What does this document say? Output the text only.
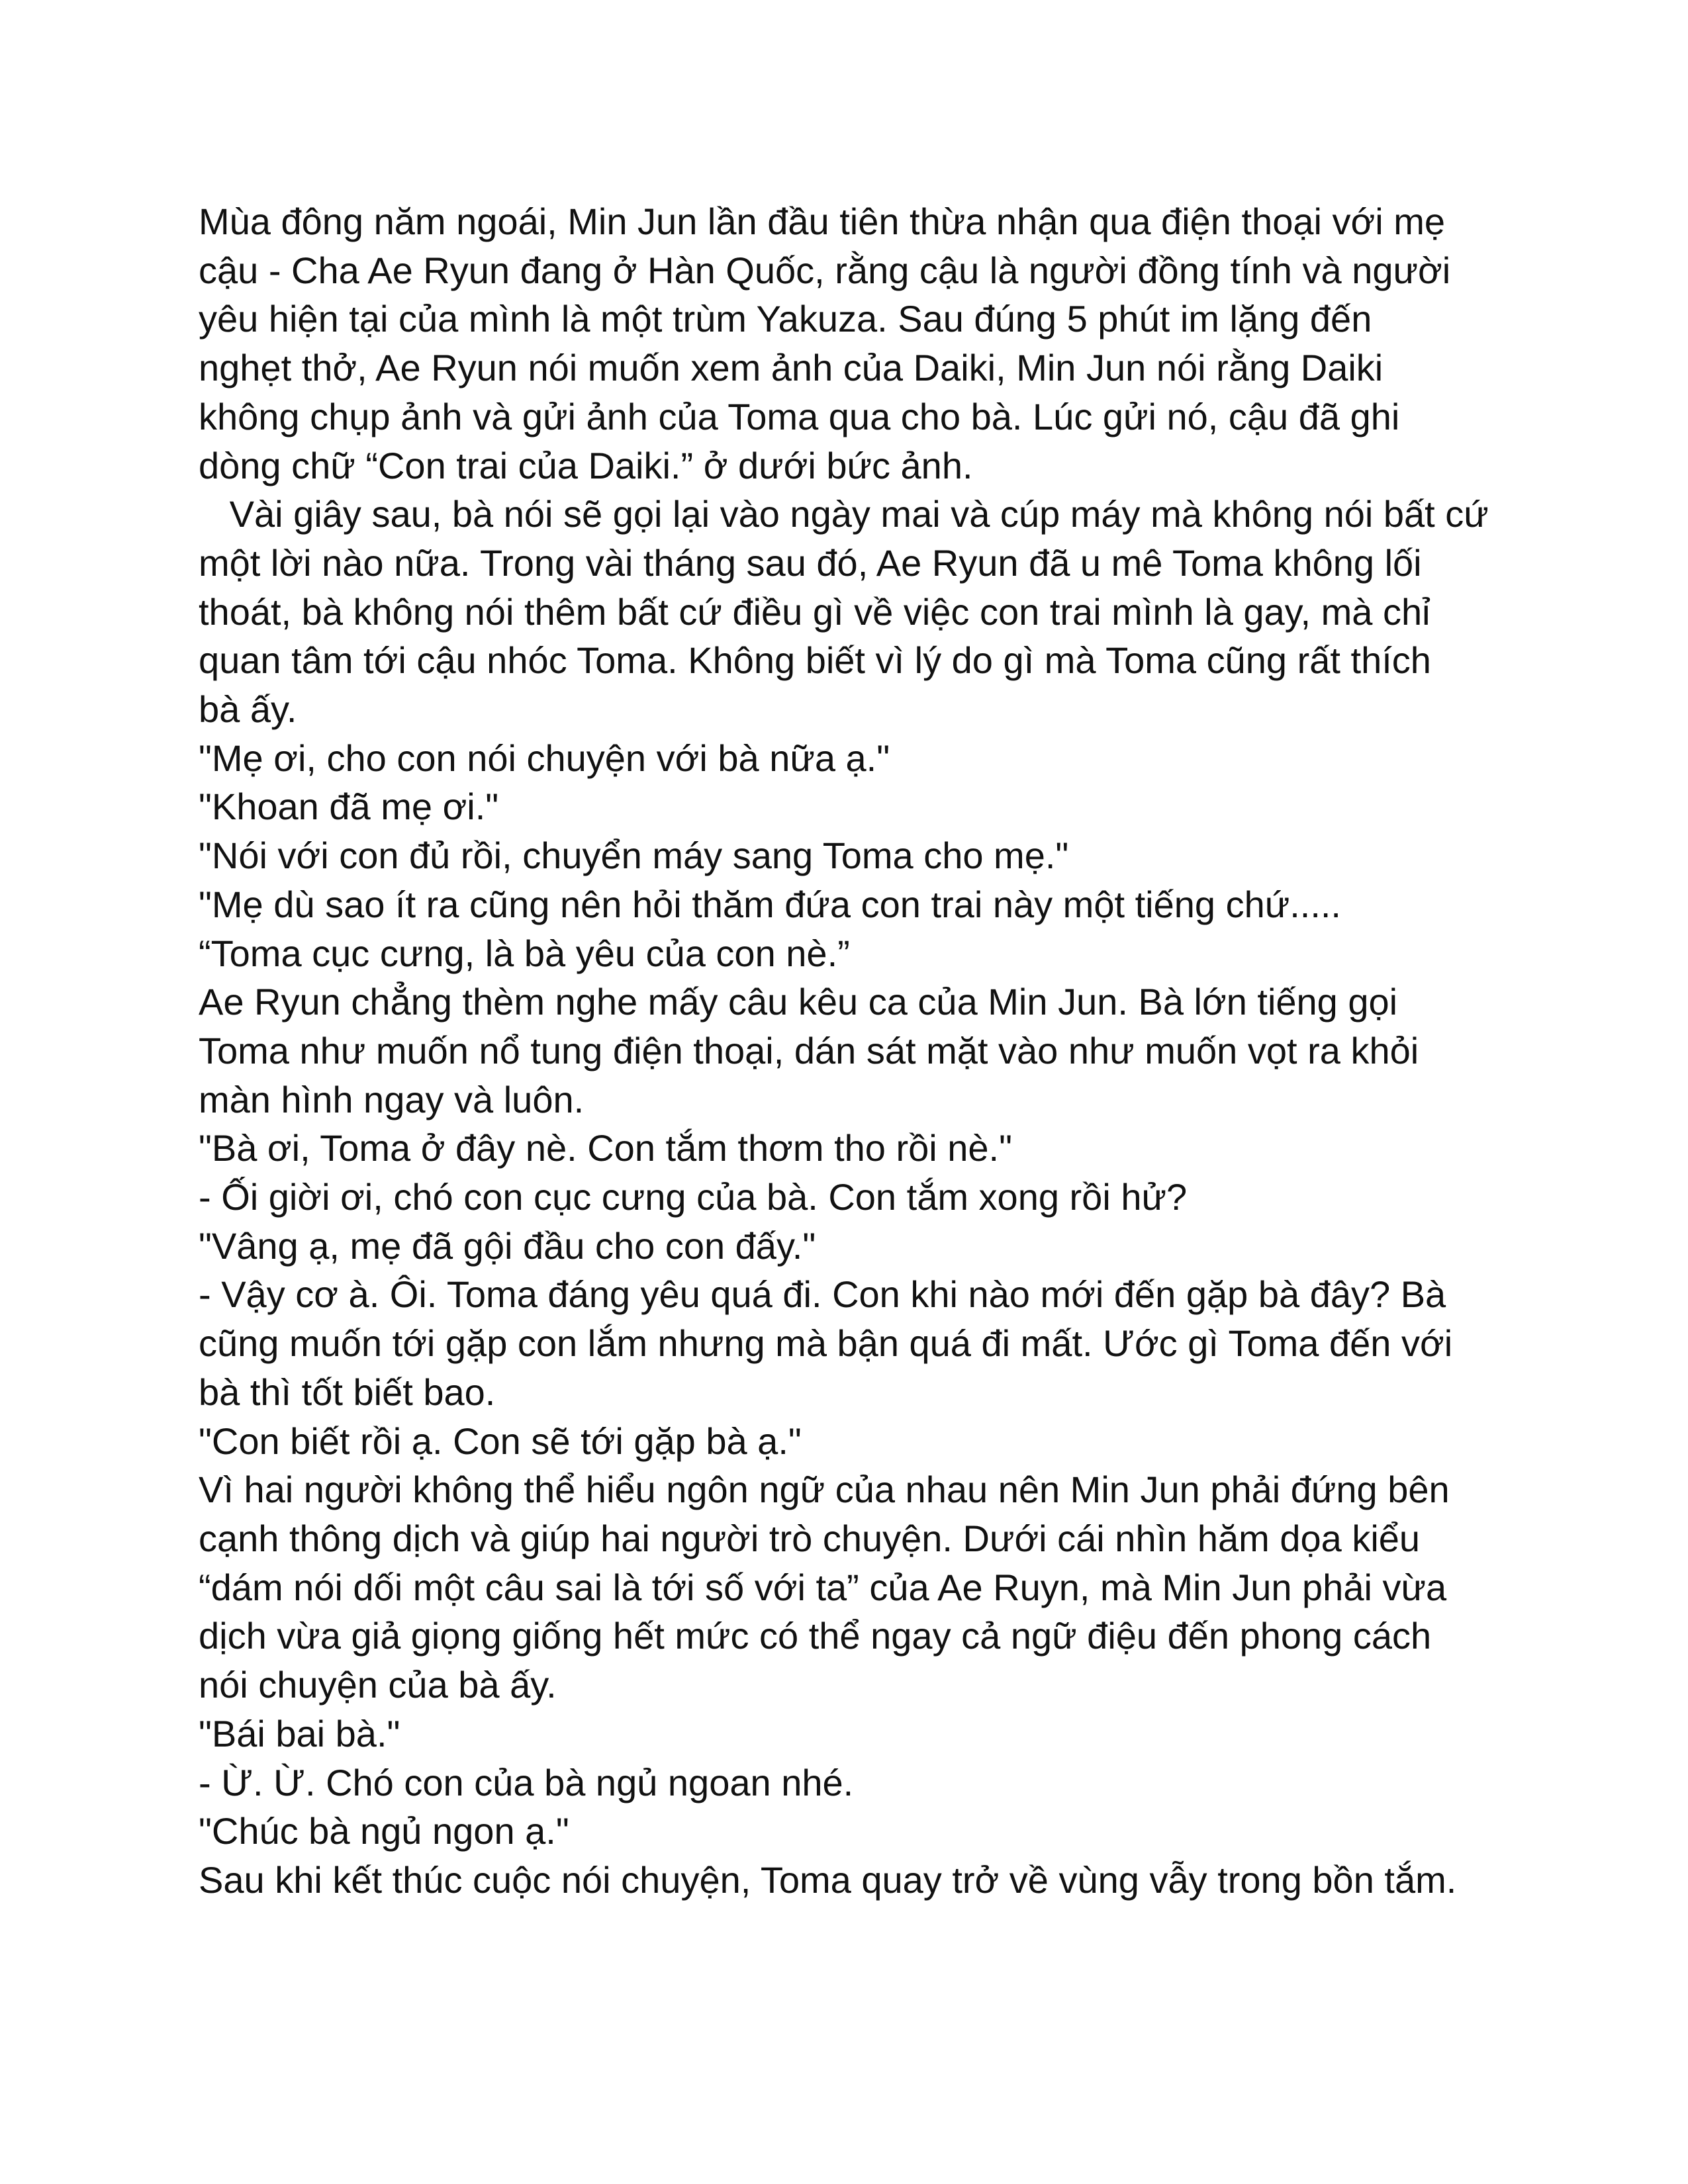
Mùa đông năm ngoái, Min Jun lần đầu tiên thừa nhận qua điện thoại với mẹ
cậu - Cha Ae Ryun đang ở Hàn Quốc, rằng cậu là người đồng tính và người
yêu hiện tại của mình là một trùm Yakuza. Sau đúng 5 phút im lặng đến
nghẹt thở, Ae Ryun nói muốn xem ảnh của Daiki, Min Jun nói rằng Daiki
không chụp ảnh và gửi ảnh của Toma qua cho bà. Lúc gửi nó, cậu đã ghi
dòng chữ “Con trai của Daiki.” ở dưới bức ảnh.
Vài giây sau, bà nói sẽ gọi lại vào ngày mai và cúp máy mà không nói bất cứ
một lời nào nữa. Trong vài tháng sau đó, Ae Ryun đã u mê Toma không lối
thoát, bà không nói thêm bất cứ điều gì về việc con trai mình là gay, mà chỉ
quan tâm tới cậu nhóc Toma. Không biết vì lý do gì mà Toma cũng rất thích
bà ấy.
"Mẹ ơi, cho con nói chuyện với bà nữa ạ."
"Khoan đã mẹ ơi."
"Nói với con đủ rồi, chuyển máy sang Toma cho mẹ."
"Mẹ dù sao ít ra cũng nên hỏi thăm đứa con trai này một tiếng chứ.....
“Toma cục cưng, là bà yêu của con nè.”
Ae Ryun chẳng thèm nghe mấy câu kêu ca của Min Jun. Bà lớn tiếng gọi
Toma như muốn nổ tung điện thoại, dán sát mặt vào như muốn vọt ra khỏi
màn hình ngay và luôn.
"Bà ơi, Toma ở đây nè. Con tắm thơm tho rồi nè."
- Ối giời ơi, chó con cục cưng của bà. Con tắm xong rồi hử?
"Vâng ạ, mẹ đã gội đầu cho con đấy."
- Vậy cơ à. Ôi. Toma đáng yêu quá đi. Con khi nào mới đến gặp bà đây? Bà
cũng muốn tới gặp con lắm nhưng mà bận quá đi mất. Ước gì Toma đến với
bà thì tốt biết bao.
"Con biết rồi ạ. Con sẽ tới gặp bà ạ."
Vì hai người không thể hiểu ngôn ngữ của nhau nên Min Jun phải đứng bên
cạnh thông dịch và giúp hai người trò chuyện. Dưới cái nhìn hăm dọa kiểu
“dám nói dối một câu sai là tới số với ta” của Ae Ruyn, mà Min Jun phải vừa
dịch vừa giả giọng giống hết mức có thể ngay cả ngữ điệu đến phong cách
nói chuyện của bà ấy.
"Bái bai bà."
- Ừ. Ừ. Chó con của bà ngủ ngoan nhé.
"Chúc bà ngủ ngon ạ."
Sau khi kết thúc cuộc nói chuyện, Toma quay trở về vùng vẫy trong bồn tắm.
